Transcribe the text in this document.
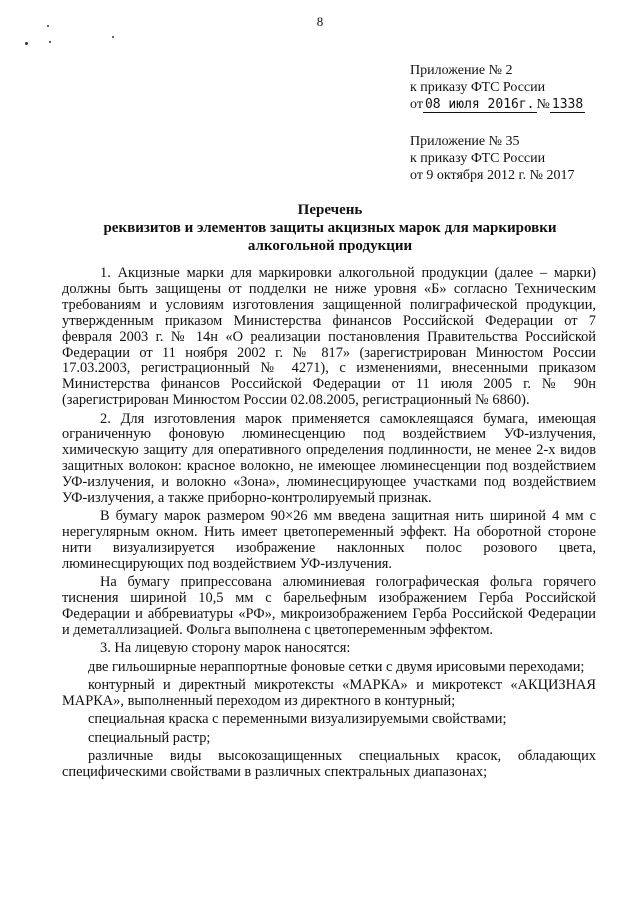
8
Приложение № 2
к приказу ФТС России
от 08 июля 2016г. № 1338
Приложение № 35
к приказу ФТС России
от 9 октября 2012 г. № 2017
Перечень
реквизитов и элементов защиты акцизных марок для маркировки
алкогольной продукции

1. Акцизные марки для маркировки алкогольной продукции (далее – марки) должны быть защищены от подделки не ниже уровня «Б» согласно Техническим требованиям и условиям изготовления защищенной полиграфической продукции, утвержденным приказом Министерства финансов Российской Федерации от 7 февраля 2003 г. № 14н «О реализации постановления Правительства Российской Федерации от 11 ноября 2002 г. № 817» (зарегистрирован Минюстом России 17.03.2003, регистрационный № 4271), с изменениями, внесенными приказом Министерства финансов Российской Федерации от 11 июля 2005 г. № 90н (зарегистрирован Минюстом России 02.08.2005, регистрационный № 6860).

2. Для изготовления марок применяется самоклеящаяся бумага, имеющая ограниченную фоновую люминесценцию под воздействием УФ-излучения, химическую защиту для оперативного определения подлинности, не менее 2-х видов защитных волокон: красное волокно, не имеющее люминесценции под воздействием УФ-излучения, и волокно «Зона», люминесцирующее участками под воздействием УФ-излучения, а также приборно-контролируемый признак.

В бумагу марок размером 90×26 мм введена защитная нить шириной 4 мм с нерегулярным окном. Нить имеет цветопеременный эффект. На оборотной стороне нити визуализируется изображение наклонных полос розового цвета, люминесцирующих под воздействием УФ-излучения.

На бумагу припрессована алюминиевая голографическая фольга горячего тиснения шириной 10,5 мм с барельефным изображением Герба Российской Федерации и аббревиатуры «РФ», микроизображением Герба Российской Федерации и деметаллизацией. Фольга выполнена с цветопеременным эффектом.

3. На лицевую сторону марок наносятся:

две гильоширные нераппортные фоновые сетки с двумя ирисовыми переходами;

контурный и директный микротексты «МАРКА» и микротекст «АКЦИЗНАЯ МАРКА», выполненный переходом из директного в контурный;

специальная краска с переменными визуализируемыми свойствами;

специальный растр;

различные виды высокозащищенных специальных красок, обладающих специфическими свойствами в различных спектральных диапазонах;
